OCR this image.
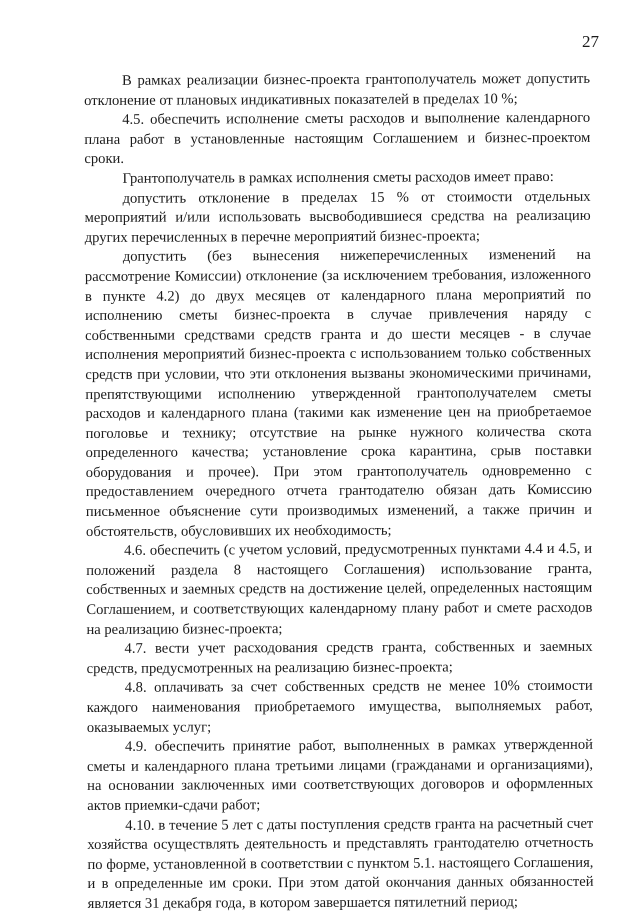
27

В рамках реализации бизнес-проекта грантополучатель может допустить отклонение от плановых индикативных показателей в пределах 10 %;

4.5. обеспечить исполнение сметы расходов и выполнение календарного плана работ в установленные настоящим Соглашением и бизнес-проектом сроки.

Грантополучатель в рамках исполнения сметы расходов имеет право:

допустить отклонение в пределах 15 % от стоимости отдельных мероприятий и/или использовать высвободившиеся средства на реализацию других перечисленных в перечне мероприятий бизнес-проекта;

допустить (без вынесения нижеперечисленных изменений на рассмотрение Комиссии) отклонение (за исключением требования, изложенного в пункте 4.2) до двух месяцев от календарного плана мероприятий по исполнению сметы бизнес-проекта в случае привлечения наряду с собственными средствами средств гранта и до шести месяцев - в случае исполнения мероприятий бизнес-проекта с использованием только собственных средств при условии, что эти отклонения вызваны экономическими причинами, препятствующими исполнению утвержденной грантополучателем сметы расходов и календарного плана (такими как изменение цен на приобретаемое поголовье и технику; отсутствие на рынке нужного количества скота определенного качества; установление срока карантина, срыв поставки оборудования и прочее). При этом грантополучатель одновременно с предоставлением очередного отчета грантодателю обязан дать Комиссию письменное объяснение сути производимых изменений, а также причин и обстоятельств, обусловивших их необходимость;

4.6. обеспечить (с учетом условий, предусмотренных пунктами 4.4 и 4.5, и положений раздела 8 настоящего Соглашения) использование гранта, собственных и заемных средств на достижение целей, определенных настоящим Соглашением, и соответствующих календарному плану работ и смете расходов на реализацию бизнес-проекта;

4.7. вести учет расходования средств гранта, собственных и заемных средств, предусмотренных на реализацию бизнес-проекта;

4.8. оплачивать за счет собственных средств не менее 10% стоимости каждого наименования приобретаемого имущества, выполняемых работ, оказываемых услуг;

4.9. обеспечить принятие работ, выполненных в рамках утвержденной сметы и календарного плана третьими лицами (гражданами и организациями), на основании заключенных ими соответствующих договоров и оформленных актов приемки-сдачи работ;

4.10. в течение 5 лет с даты поступления средств гранта на расчетный счет хозяйства осуществлять деятельность и представлять грантодателю отчетность по форме, установленной в соответствии с пунктом 5.1. настоящего Соглашения, и в определенные им сроки. При этом датой окончания данных обязанностей является 31 декабря года, в котором завершается пятилетний период;
